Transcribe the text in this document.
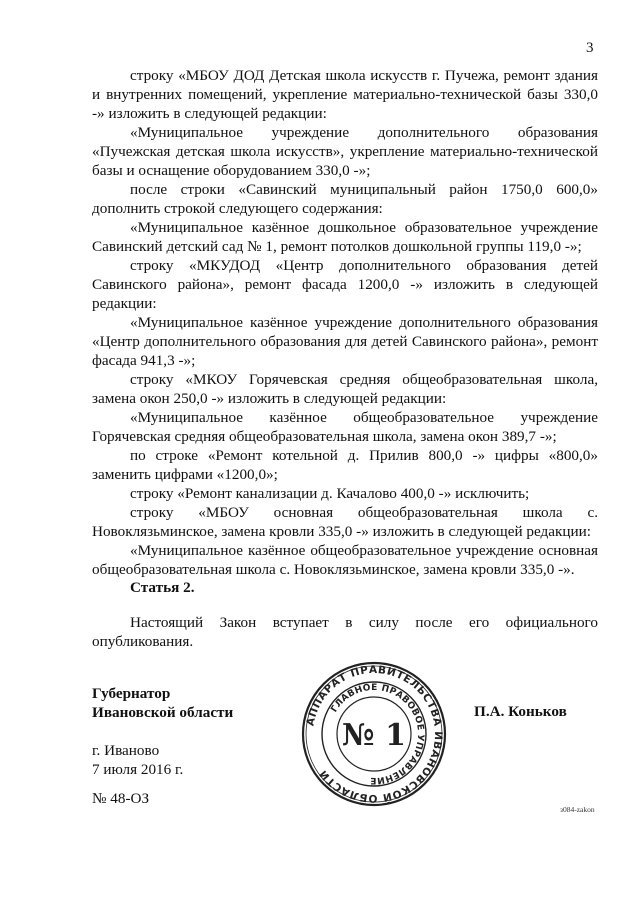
3

строку «МБОУ ДОД Детская школа искусств г. Пучежа, ремонт здания и внутренних помещений, укрепление материально-технической базы 330,0 -» изложить в следующей редакции:

«Муниципальное учреждение дополнительного образования «Пучежская детская школа искусств», укрепление материально-технической базы и оснащение оборудованием 330,0 -»;

после строки «Савинский муниципальный район 1750,0 600,0» дополнить строкой следующего содержания:

«Муниципальное казённое дошкольное образовательное учреждение Савинский детский сад № 1, ремонт потолков дошкольной группы 119,0 -»;

строку «МКУДОД «Центр дополнительного образования детей Савинского района», ремонт фасада 1200,0 -» изложить в следующей редакции:

«Муниципальное казённое учреждение дополнительного образования «Центр дополнительного образования для детей Савинского района», ремонт фасада 941,3 -»;

строку «МКОУ Горячевская средняя общеобразовательная школа, замена окон 250,0 -» изложить в следующей редакции:

«Муниципальное казённое общеобразовательное учреждение Горячевская средняя общеобразовательная школа, замена окон 389,7 -»;

по строке «Ремонт котельной д. Прилив 800,0 -» цифры «800,0» заменить цифрами «1200,0»;

строку «Ремонт канализации д. Качалово 400,0 -» исключить;

строку «МБОУ основная общеобразовательная школа с. Новоклязьминское, замена кровли 335,0 -» изложить в следующей редакции:

«Муниципальное казённое общеобразовательное учреждение основная общеобразовательная школа с. Новоклязьминское, замена кровли 335,0 -».

Статья 2.

Настоящий Закон вступает в силу после его официального опубликования.

Губернатор
Ивановской области
АППАРАТ ПРАВИТЕЛЬСТВА ИВАНОВСКОЙ ОБЛАСТИ
ГЛАВНОЕ ПРАВОВОЕ УПРАВЛЕНИЕ
№ 1
П.А. Коньков
г. Иваново
7 июля 2016 г.
№ 48-ОЗ
з084-zakon
